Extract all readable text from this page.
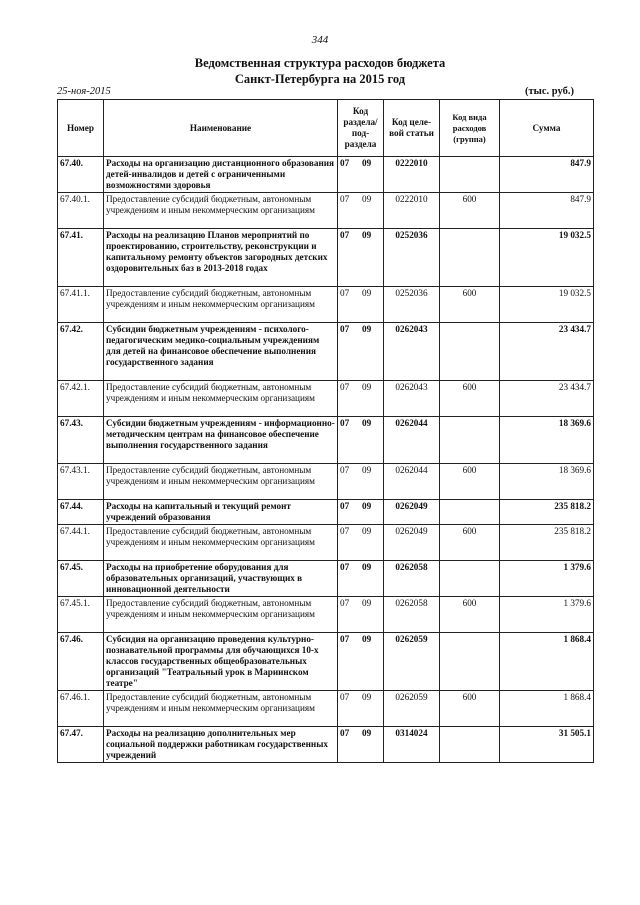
344
Ведомственная структура расходов бюджета
Санкт-Петербурга на 2015 год
25-ноя-2015	(тыс. руб.)
Номер	Наименование	Код раздела/ под-раздела	Код целе-вой статьи	Код вида расходов (группа)	Сумма
67.40.	Расходы на организацию дистанционного образования детей-инвалидов и детей с ограниченными возможностями здоровья	07 09	0222010		847.9
67.40.1.	Предоставление субсидий бюджетным, автономным учреждениям и иным некоммерческим организациям	07 09	0222010	600	847.9
67.41.	Расходы на реализацию Планов мероприятий по проектированию, строительству, реконструкции и капитальному ремонту объектов загородных детских оздоровительных баз в 2013-2018 годах	07 09	0252036		19 032.5
67.41.1.	Предоставление субсидий бюджетным, автономным учреждениям и иным некоммерческим организациям	07 09	0252036	600	19 032.5
67.42.	Субсидии бюджетным учреждениям - психолого-педагогическим медико-социальным учреждениям для детей на финансовое обеспечение выполнения государственного задания	07 09	0262043		23 434.7
67.42.1.	Предоставление субсидий бюджетным, автономным учреждениям и иным некоммерческим организациям	07 09	0262043	600	23 434.7
67.43.	Субсидии бюджетным учреждениям - информационно-методическим центрам на финансовое обеспечение выполнения государственного задания	07 09	0262044		18 369.6
67.43.1.	Предоставление субсидий бюджетным, автономным учреждениям и иным некоммерческим организациям	07 09	0262044	600	18 369.6
67.44.	Расходы на капитальный и текущий ремонт учреждений образования	07 09	0262049		235 818.2
67.44.1.	Предоставление субсидий бюджетным, автономным учреждениям и иным некоммерческим организациям	07 09	0262049	600	235 818.2
67.45.	Расходы на приобретение оборудования для образовательных организаций, участвующих в инновационной деятельности	07 09	0262058		1 379.6
67.45.1.	Предоставление субсидий бюджетным, автономным учреждениям и иным некоммерческим организациям	07 09	0262058	600	1 379.6
67.46.	Субсидия на организацию проведения культурно-познавательной программы для обучающихся 10-х классов государственных общеобразовательных организаций "Театральный урок в Мариинском театре"	07 09	0262059		1 868.4
67.46.1.	Предоставление субсидий бюджетным, автономным учреждениям и иным некоммерческим организациям	07 09	0262059	600	1 868.4
67.47.	Расходы на реализацию дополнительных мер социальной поддержки работникам государственных учреждений	07 09	0314024		31 505.1
